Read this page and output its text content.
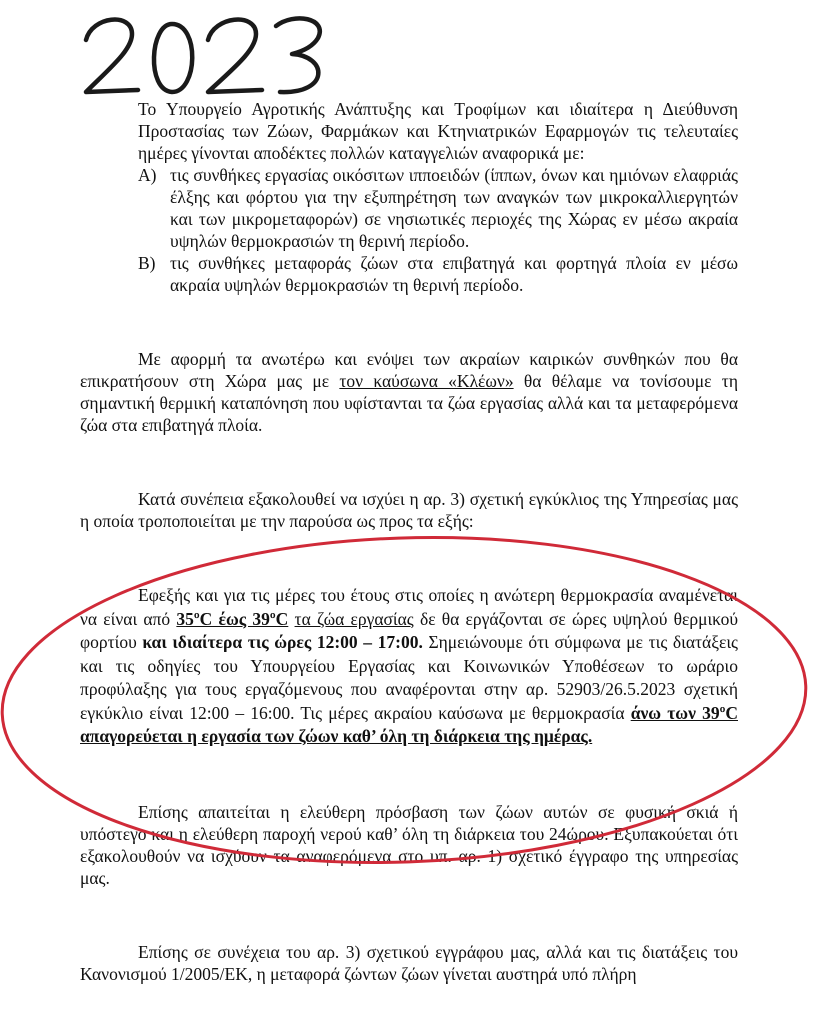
Το Υπουργείο Αγροτικής Ανάπτυξης και Τροφίμων και ιδιαίτερα η Διεύθυνση Προστασίας των Ζώων, Φαρμάκων και Κτηνιατρικών Εφαρμογών τις τελευταίες ημέρες γίνονται αποδέκτες πολλών καταγγελιών αναφορικά με:
Α) τις συνθήκες εργασίας οικόσιτων ιπποειδών (ίππων, όνων και ημιόνων ελαφριάς έλξης και φόρτου για την εξυπηρέτηση των αναγκών των μικροκαλλιεργητών και των μικρομεταφορών) σε νησιωτικές περιοχές της Χώρας εν μέσω ακραία υψηλών θερμοκρασιών τη θερινή περίοδο.
Β) τις συνθήκες μεταφοράς ζώων στα επιβατηγά και φορτηγά πλοία εν μέσω ακραία υψηλών θερμοκρασιών τη θερινή περίοδο.
Με αφορμή τα ανωτέρω και ενόψει των ακραίων καιρικών συνθηκών που θα επικρατήσουν στη Χώρα μας με τον καύσωνα «Κλέων» θα θέλαμε να τονίσουμε τη σημαντική θερμική καταπόνηση που υφίστανται τα ζώα εργασίας αλλά και τα μεταφερόμενα ζώα στα επιβατηγά πλοία.
Κατά συνέπεια εξακολουθεί να ισχύει η αρ. 3) σχετική εγκύκλιος της Υπηρεσίας μας η οποία τροποποιείται με την παρούσα ως προς τα εξής:
Εφεξής και για τις μέρες του έτους στις οποίες η ανώτερη θερμοκρασία αναμένεται να είναι από 35ºC έως 39ºC τα ζώα εργασίας δε θα εργάζονται σε ώρες υψηλού θερμικού φορτίου και ιδιαίτερα τις ώρες 12:00 – 17:00. Σημειώνουμε ότι σύμφωνα με τις διατάξεις και τις οδηγίες του Υπουργείου Εργασίας και Κοινωνικών Υποθέσεων το ωράριο προφύλαξης για τους εργαζόμενους που αναφέρονται στην αρ. 52903/26.5.2023 σχετική εγκύκλιο είναι 12:00 – 16:00. Τις μέρες ακραίου καύσωνα με θερμοκρασία άνω των 39ºC απαγορεύεται η εργασία των ζώων καθ’ όλη τη διάρκεια της ημέρας.
Επίσης απαιτείται η ελεύθερη πρόσβαση των ζώων αυτών σε φυσική σκιά ή υπόστεγο και η ελεύθερη παροχή νερού καθ’ όλη τη διάρκεια του 24ώρου. Εξυπακούεται ότι εξακολουθούν να ισχύουν τα αναφερόμενα στο υπ. αρ. 1) σχετικό έγγραφο της υπηρεσίας μας.
Επίσης σε συνέχεια του αρ. 3) σχετικού εγγράφου μας, αλλά και τις διατάξεις του Κανονισμού 1/2005/ΕΚ, η μεταφορά ζώντων ζώων γίνεται αυστηρά υπό πλήρη
